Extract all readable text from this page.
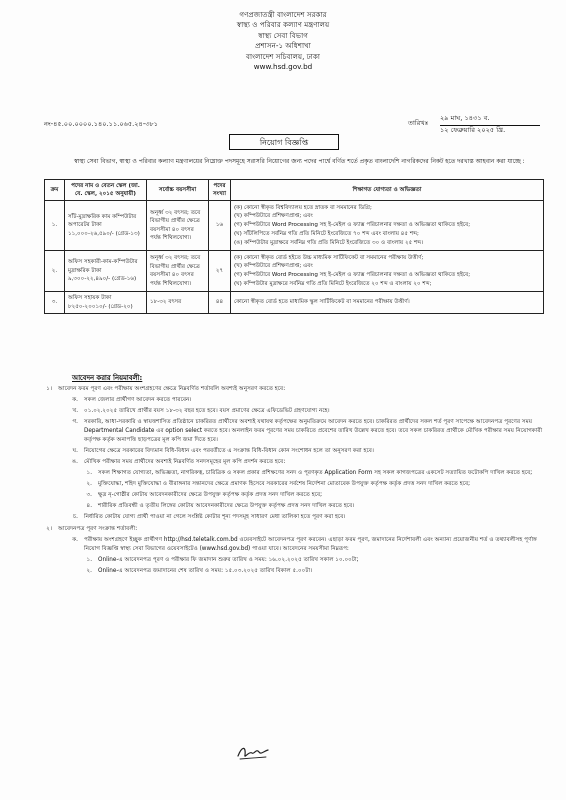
গণপ্রজাতন্ত্রী বাংলাদেশ সরকার
স্বাস্থ্য ও পরিবার কল্যাণ মন্ত্রণালয়
স্বাস্থ্য সেবা বিভাগ
প্রশাসন-১ অধিশাখা
বাংলাদেশ সচিবালয়, ঢাকা
www.hsd.gov.bd
নং-৪৫.০০.০০০০.১৪০.১১.০৬৫.২৪-৩৮১	তারিখঃ
২৯ মাঘ, ১৪৩১ ব.
১২ ফেব্রুয়ারি ২০২৫ খ্রি.
নিয়োগ বিজ্ঞপ্তি
স্বাস্থ্য সেবা বিভাগ, স্বাস্থ্য ও পরিবার কল্যাণ মন্ত্রণালয়ের নিম্নোক্ত পদসমূহে সরাসরি নিয়োগের জন্য পদের পার্শ্বে বর্ণিত শর্তে প্রকৃত বাংলাদেশি নাগরিকদের নিকট হতে দরখাস্ত আহবান করা যাচ্ছে :
ক্রম	পদের নাম ও বেতন স্কেল (জা. বে. স্কেল, ২০১৫ অনুযায়ী)	সর্বোচ্চ বয়সসীমা	পদের সংখ্যা	শিক্ষাগত যোগ্যতা ও অভিজ্ঞতা
১.	সাঁট-মুদ্রাক্ষরিক কাম কম্পিউটার অপারেটর টাকা ১১,০০০-২৬,৫৯০/- (গ্রেড-১৩)	অনূর্ধ্ব ৩২ বৎসর; তবে বিভাগীয় প্রার্থীর ক্ষেত্রে বয়সসীমা ৪০ বৎসর পর্যন্ত শিথিলযোগ্য।	১৬	(ক) কোনো স্বীকৃত বিশ্ববিদ্যালয় হতে স্নাতক বা সমমানের ডিগ্রি;
(খ) কম্পিউটারে প্রশিক্ষণপ্রাপ্ত; এবং
(গ) কম্পিউটারে Word Processing সহ ই-মেইল ও ফ্যাক্স পরিচালনার দক্ষতা ও অভিজ্ঞতা থাকিতে হইবে;
(ঘ) সাঁটলিপিতে সর্বনিম্ন গতি প্রতি মিনিটে ইংরেজিতে ৭০ শব্দ এবং বাংলায় ৪৫ শব্দ;
(ঙ) কম্পিউটার মুদ্রাক্ষরে সর্বনিম্ন গতি প্রতি মিনিটে ইংরেজিতে ৩০ ও বাংলায় ২৫ শব্দ।

২.	অফিস সহকারী-কাম-কম্পিউটার মুদ্রাক্ষরিক টাকা ৯,৩০০-২২,৪৯০/- (গ্রেড-১৬)	অনূর্ধ্ব ৩২ বৎসর; তবে বিভাগীয় প্রার্থীর ক্ষেত্রে বয়সসীমা ৪০ বৎসর পর্যন্ত শিথিলযোগ্য।	২৭	(ক) কোনো স্বীকৃত বোর্ড হইতে উচ্চ মাধ্যমিক সার্টিফিকেট বা সমমানের পরীক্ষায় উত্তীর্ণ;
(খ) কম্পিউটারে প্রশিক্ষণপ্রাপ্ত; এবং
(গ) কম্পিউটারে Word Processing সহ ই-মেইল ও ফ্যাক্স পরিচালনার দক্ষতা ও অভিজ্ঞতা থাকিতে হইবে;
(ঘ) কম্পিউটার মুদ্রাক্ষরে সর্বনিম্ন গতি প্রতি মিনিটে ইংরেজিতে ২০ শব্দ ও বাংলায় ২০ শব্দ;

৩.	অফিস সহায়ক টাকা ৮২৫০-২০০১০/- (গ্রেড-২০)	১৮-৩২ বৎসর	৪৪	কোনো স্বীকৃত বোর্ড হতে মাধ্যমিক স্কুল সার্টিফিকেট বা সমমানের পরীক্ষায় উত্তীর্ণ।
আবেদন করার নিয়মাবলী:
১।	আবেদন ফরম পূরণ এবং পরীক্ষায় অংশগ্রহণের ক্ষেত্রে নিম্নবর্ণিত শর্তাবলি অবশ্যই অনুসরণ করতে হবে:
ক.	সকল জেলার প্রার্থীগণ আবেদন করতে পারবেন।
খ.	০১.০২.২০২৫ তারিখে প্রার্থীর বয়স ১৮-৩২ বছর হতে হবে। বয়স প্রমাণের ক্ষেত্রে এফিডেভিট গ্রহণযোগ্য নহে।
গ.	সরকারি, আধা-সরকারি ও স্বায়ত্তশাসিত প্রতিষ্ঠানে চাকরিরত প্রার্থীদের অবশ্যই যথাযথ কর্তৃপক্ষের অনুমতিক্রমে আবেদন করতে হবে। চাকরিরত প্রার্থীদের সকল শর্ত পূরণ সাপেক্ষে আবেদনপত্র পূরণের সময় Departmental Candidate এর option select করতে হবে। অনলাইন ফরম পূরণের সময় চাকরিতে প্রবেশের তারিখ উল্লেখ করতে হবে। তবে সকল চাকরিরত প্রার্থীকে মৌখিক পরীক্ষার সময় নিয়োগকারী কর্তৃপক্ষ কর্তৃক অনাপত্তি ছাড়পত্রের মূল কপি জমা দিতে হবে।
ঘ.	নিয়োগের ক্ষেত্রে সরকারের বিদ্যমান বিধি-বিধান এবং পরবর্তীতে এ সংক্রান্ত বিধি-বিধান কোন সংশোধন হলে তা অনুসরণ করা হবে।
ঙ.	মৌখিক পরীক্ষার সময় প্রার্থীদের অবশ্যই নিম্নবর্ণিত সনদসমূহের মূল কপি প্রদর্শন করতে হবে:
১.	সকল শিক্ষাগত যোগ্যতা, অভিজ্ঞতা, নাগরিকত্ব, চারিত্রিক ও সকল প্রকার প্রশিক্ষণের সনদ ও পূরণকৃত Application Form সহ সকল কাগজপত্রের একসেট সত্যায়িত ফটোকপি দাখিল করতে হবে;
২.	মুক্তিযোদ্ধা, শহিদ মুক্তিযোদ্ধা ও বীরাঙ্গনার সন্তানদের ক্ষেত্রে প্রমাণক হিসেবে সরকারের সর্বশেষ নির্দেশনা মোতাবেক উপযুক্ত কর্তৃপক্ষ কর্তৃক প্রদত্ত সনদ দাখিল করতে হবে;
৩.	ক্ষুদ্র নৃ-গোষ্ঠীর কোটায় আবেদনকারীদের ক্ষেত্রে উপযুক্ত কর্তৃপক্ষ কর্তৃক প্রদত্ত সনদ দাখিল করতে হবে;
৪.	শারীরিক প্রতিবন্ধী ও তৃতীয় লিঙ্গের কোটায় আবেদনকারীদের ক্ষেত্রে উপযুক্ত কর্তৃপক্ষ প্রদত্ত সনদ দাখিল করতে হবে।
চ.	নির্ধারিত কোটায় যোগ্য প্রার্থী পাওয়া না গেলে সংশ্লিষ্ট কোটার শূন্য পদসমূহ সাধারণ মেধা তালিকা হতে পূরণ করা হবে।
২।	আবেদনপত্র পূরণ সংক্রান্ত শর্তাবলী:
ক.	পরীক্ষায় অংশগ্রহণে ইচ্ছুক প্রার্থীগণ http://hsd.teletalk.com.bd ওয়েবসাইটে আবেদনপত্র পূরণ করবেন। এছাড়া ফরম পূরণ, জমাদানের নির্দেশাবলী এবং অন্যান্য প্রয়োজনীয় শর্ত ও তথ্যাবলীসহ পূর্ণাঙ্গ নিয়োগ বিজ্ঞপ্তি স্বাস্থ্য সেবা বিভাগের ওয়েবসাইটেও (www.hsd.gov.bd) পাওয়া যাবে। আবেদনের সময়সীমা নিম্নরূপ:
১.	Online-এ আবেদনপত্র পূরণ ও পরীক্ষার ফি জমাদান শুরুর তারিখ ও সময়: ১৬.০২.২০২৫ তারিখ সকাল ১০.০০টা;
২.	Online-এ আবেদনপত্র জমাদানের শেষ তারিখ ও সময়: ১৫.০৩.২০২৫ তারিখ বিকাল ৫.০০টা।
